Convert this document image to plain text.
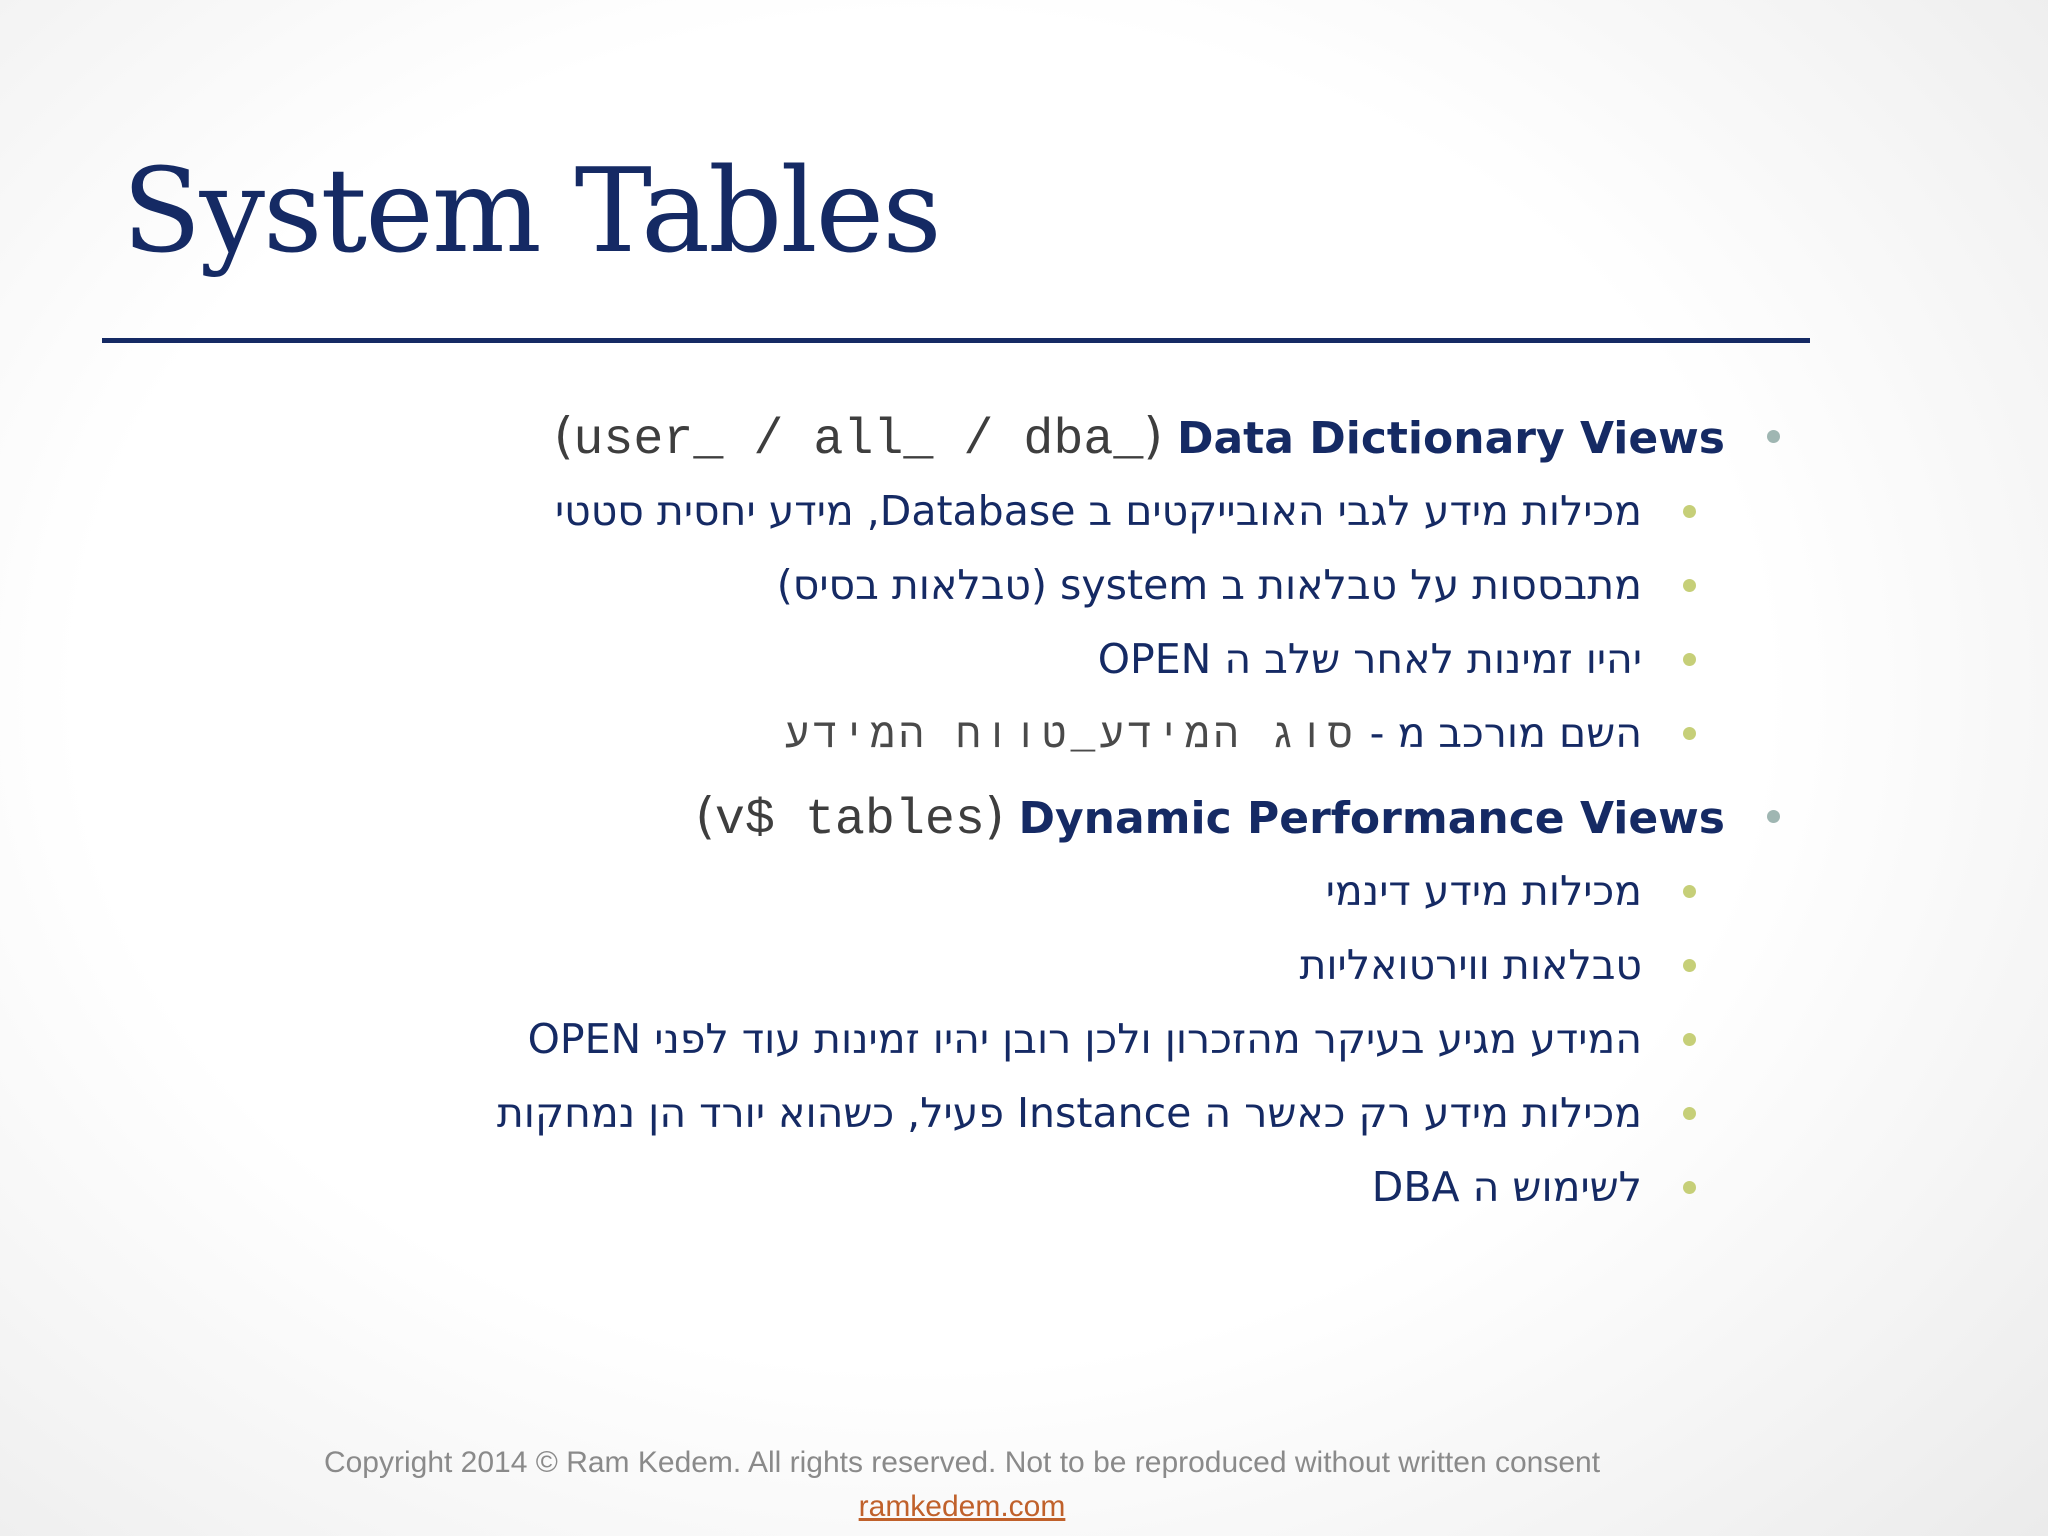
System Tables
Data Dictionary Views (user_ / all_ / dba_)
מכילות מידע לגבי האובייקטים ב Database, מידע יחסית סטטי
מתבססות על טבלאות ב system (טבלאות בסיס)
יהיו זמינות לאחר שלב ה OPEN
השם מורכב מ - סוג המידע_טווח המידע
Dynamic Performance Views (v$ tables)
מכילות מידע דינמי
טבלאות ווירטואליות
המידע מגיע בעיקר מהזכרון ולכן רובן יהיו זמינות עוד לפני OPEN
מכילות מידע רק כאשר ה Instance פעיל, כשהוא יורד הן נמחקות
לשימוש ה DBA
Copyright 2014 © Ram Kedem. All rights reserved. Not to be reproduced without written consent
ramkedem.com
